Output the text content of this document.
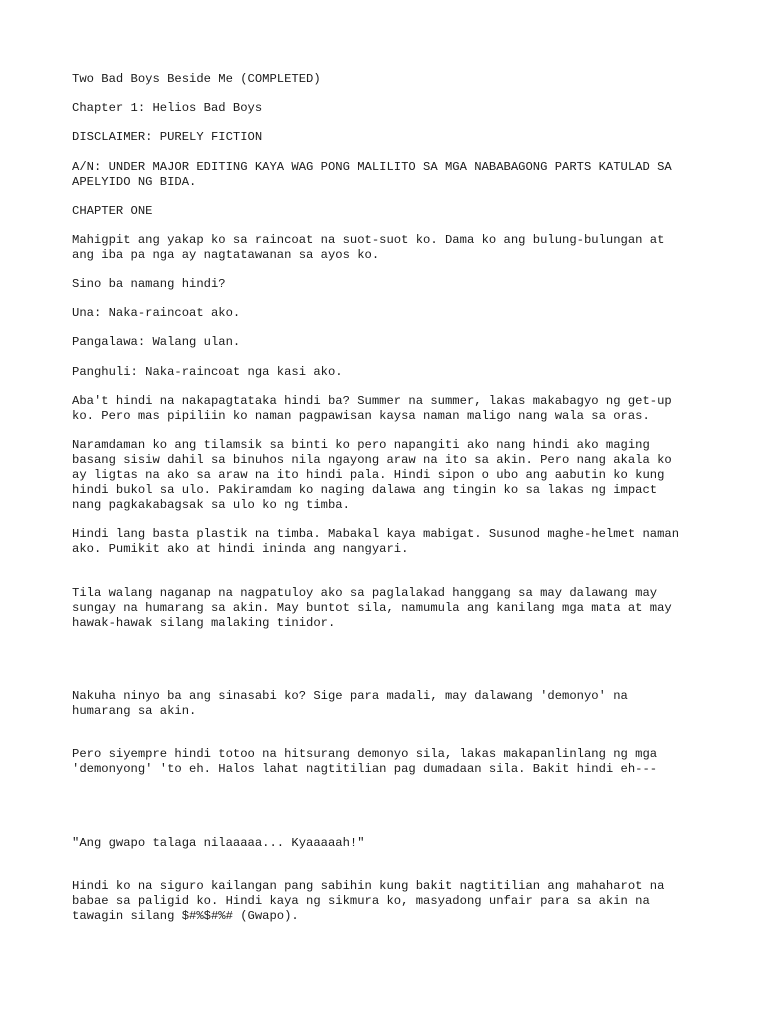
Two Bad Boys Beside Me (COMPLETED)

Chapter 1: Helios Bad Boys

DISCLAIMER: PURELY FICTION

A/N: UNDER MAJOR EDITING KAYA WAG PONG MALILITO SA MGA NABABAGONG PARTS KATULAD SA
APELYIDO NG BIDA.

CHAPTER ONE

Mahigpit ang yakap ko sa raincoat na suot-suot ko. Dama ko ang bulung-bulungan at
ang iba pa nga ay nagtatawanan sa ayos ko.

Sino ba namang hindi?

Una: Naka-raincoat ako.

Pangalawa: Walang ulan.

Panghuli: Naka-raincoat nga kasi ako.

Aba't hindi na nakapagtataka hindi ba? Summer na summer, lakas makabagyo ng get-up
ko. Pero mas pipiliin ko naman pagpawisan kaysa naman maligo nang wala sa oras.

Naramdaman ko ang tilamsik sa binti ko pero napangiti ako nang hindi ako maging
basang sisiw dahil sa binuhos nila ngayong araw na ito sa akin. Pero nang akala ko
ay ligtas na ako sa araw na ito hindi pala. Hindi sipon o ubo ang aabutin ko kung
hindi bukol sa ulo. Pakiramdam ko naging dalawa ang tingin ko sa lakas ng impact
nang pagkakabagsak sa ulo ko ng timba.

Hindi lang basta plastik na timba. Mabakal kaya mabigat. Susunod maghe-helmet naman
ako. Pumikit ako at hindi ininda ang nangyari.

Tila walang naganap na nagpatuloy ako sa paglalakad hanggang sa may dalawang may
sungay na humarang sa akin. May buntot sila, namumula ang kanilang mga mata at may
hawak-hawak silang malaking tinidor.

Nakuha ninyo ba ang sinasabi ko? Sige para madali, may dalawang 'demonyo' na
humarang sa akin.

Pero siyempre hindi totoo na hitsurang demonyo sila, lakas makapanlinlang ng mga
'demonyong' 'to eh. Halos lahat nagtitilian pag dumadaan sila. Bakit hindi eh---

"Ang gwapo talaga nilaaaaa... Kyaaaaah!"

Hindi ko na siguro kailangan pang sabihin kung bakit nagtitilian ang mahaharot na
babae sa paligid ko. Hindi kaya ng sikmura ko, masyadong unfair para sa akin na
tawagin silang $#%$#%# (Gwapo).
